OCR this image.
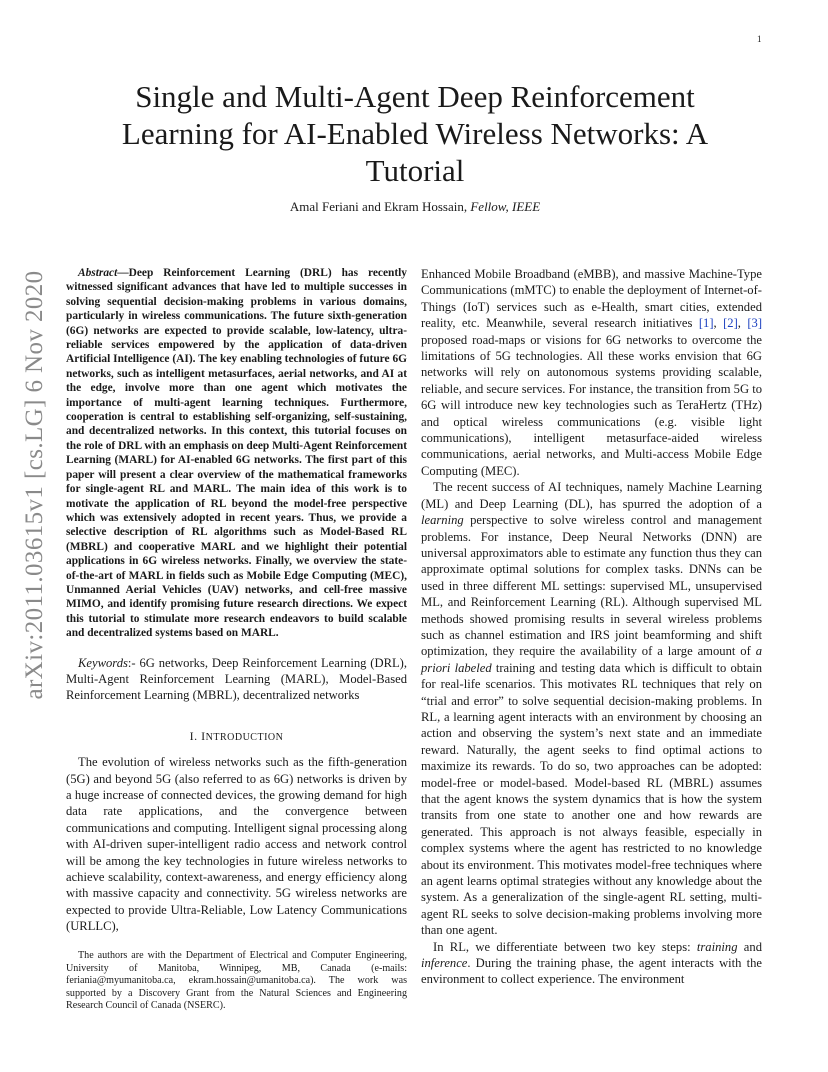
1
arXiv:2011.03615v1 [cs.LG] 6 Nov 2020
Single and Multi-Agent Deep Reinforcement Learning for AI-Enabled Wireless Networks: A Tutorial
Amal Feriani and Ekram Hossain, Fellow, IEEE

Abstract—Deep Reinforcement Learning (DRL) has recently witnessed significant advances that have led to multiple successes in solving sequential decision-making problems in various domains, particularly in wireless communications. The future sixth-generation (6G) networks are expected to provide scalable, low-latency, ultra-reliable services empowered by the application of data-driven Artificial Intelligence (AI). The key enabling technologies of future 6G networks, such as intelligent metasurfaces, aerial networks, and AI at the edge, involve more than one agent which motivates the importance of multi-agent learning techniques. Furthermore, cooperation is central to establishing self-organizing, self-sustaining, and decentralized networks. In this context, this tutorial focuses on the role of DRL with an emphasis on deep Multi-Agent Reinforcement Learning (MARL) for AI-enabled 6G networks. The first part of this paper will present a clear overview of the mathematical frameworks for single-agent RL and MARL. The main idea of this work is to motivate the application of RL beyond the model-free perspective which was extensively adopted in recent years. Thus, we provide a selective description of RL algorithms such as Model-Based RL (MBRL) and cooperative MARL and we highlight their potential applications in 6G wireless networks. Finally, we overview the state-of-the-art of MARL in fields such as Mobile Edge Computing (MEC), Unmanned Aerial Vehicles (UAV) networks, and cell-free massive MIMO, and identify promising future research directions. We expect this tutorial to stimulate more research endeavors to build scalable and decentralized systems based on MARL.

Keywords:- 6G networks, Deep Reinforcement Learning (DRL), Multi-Agent Reinforcement Learning (MARL), Model-Based Reinforcement Learning (MBRL), decentralized networks

I. INTRODUCTION

The evolution of wireless networks such as the fifth-generation (5G) and beyond 5G (also referred to as 6G) networks is driven by a huge increase of connected devices, the growing demand for high data rate applications, and the convergence between communications and computing. Intelligent signal processing along with AI-driven super-intelligent radio access and network control will be among the key technologies in future wireless networks to achieve scalability, context-awareness, and energy efficiency along with massive capacity and connectivity. 5G wireless networks are expected to provide Ultra-Reliable, Low Latency Communications (URLLC),

The authors are with the Department of Electrical and Computer Engineering, University of Manitoba, Winnipeg, MB, Canada (e-mails: feriania@myumanitoba.ca, ekram.hossain@umanitoba.ca). The work was supported by a Discovery Grant from the Natural Sciences and Engineering Research Council of Canada (NSERC).

Enhanced Mobile Broadband (eMBB), and massive Machine-Type Communications (mMTC) to enable the deployment of Internet-of-Things (IoT) services such as e-Health, smart cities, extended reality, etc. Meanwhile, several research initiatives [1], [2], [3] proposed road-maps or visions for 6G networks to overcome the limitations of 5G technologies. All these works envision that 6G networks will rely on autonomous systems providing scalable, reliable, and secure services. For instance, the transition from 5G to 6G will introduce new key technologies such as TeraHertz (THz) and optical wireless communications (e.g. visible light communications), intelligent metasurface-aided wireless communications, aerial networks, and Multi-access Mobile Edge Computing (MEC).

The recent success of AI techniques, namely Machine Learning (ML) and Deep Learning (DL), has spurred the adoption of a learning perspective to solve wireless control and management problems. For instance, Deep Neural Networks (DNN) are universal approximators able to estimate any function thus they can approximate optimal solutions for complex tasks. DNNs can be used in three different ML settings: supervised ML, unsupervised ML, and Reinforcement Learning (RL). Although supervised ML methods showed promising results in several wireless problems such as channel estimation and IRS joint beamforming and shift optimization, they require the availability of a large amount of a priori labeled training and testing data which is difficult to obtain for real-life scenarios. This motivates RL techniques that rely on “trial and error” to solve sequential decision-making problems. In RL, a learning agent interacts with an environment by choosing an action and observing the system’s next state and an immediate reward. Naturally, the agent seeks to find optimal actions to maximize its rewards. To do so, two approaches can be adopted: model-free or model-based. Model-based RL (MBRL) assumes that the agent knows the system dynamics that is how the system transits from one state to another one and how rewards are generated. This approach is not always feasible, especially in complex systems where the agent has restricted to no knowledge about its environment. This motivates model-free techniques where an agent learns optimal strategies without any knowledge about the system. As a generalization of the single-agent RL setting, multi-agent RL seeks to solve decision-making problems involving more than one agent.

In RL, we differentiate between two key steps: training and inference. During the training phase, the agent interacts with the environment to collect experience. The environment
